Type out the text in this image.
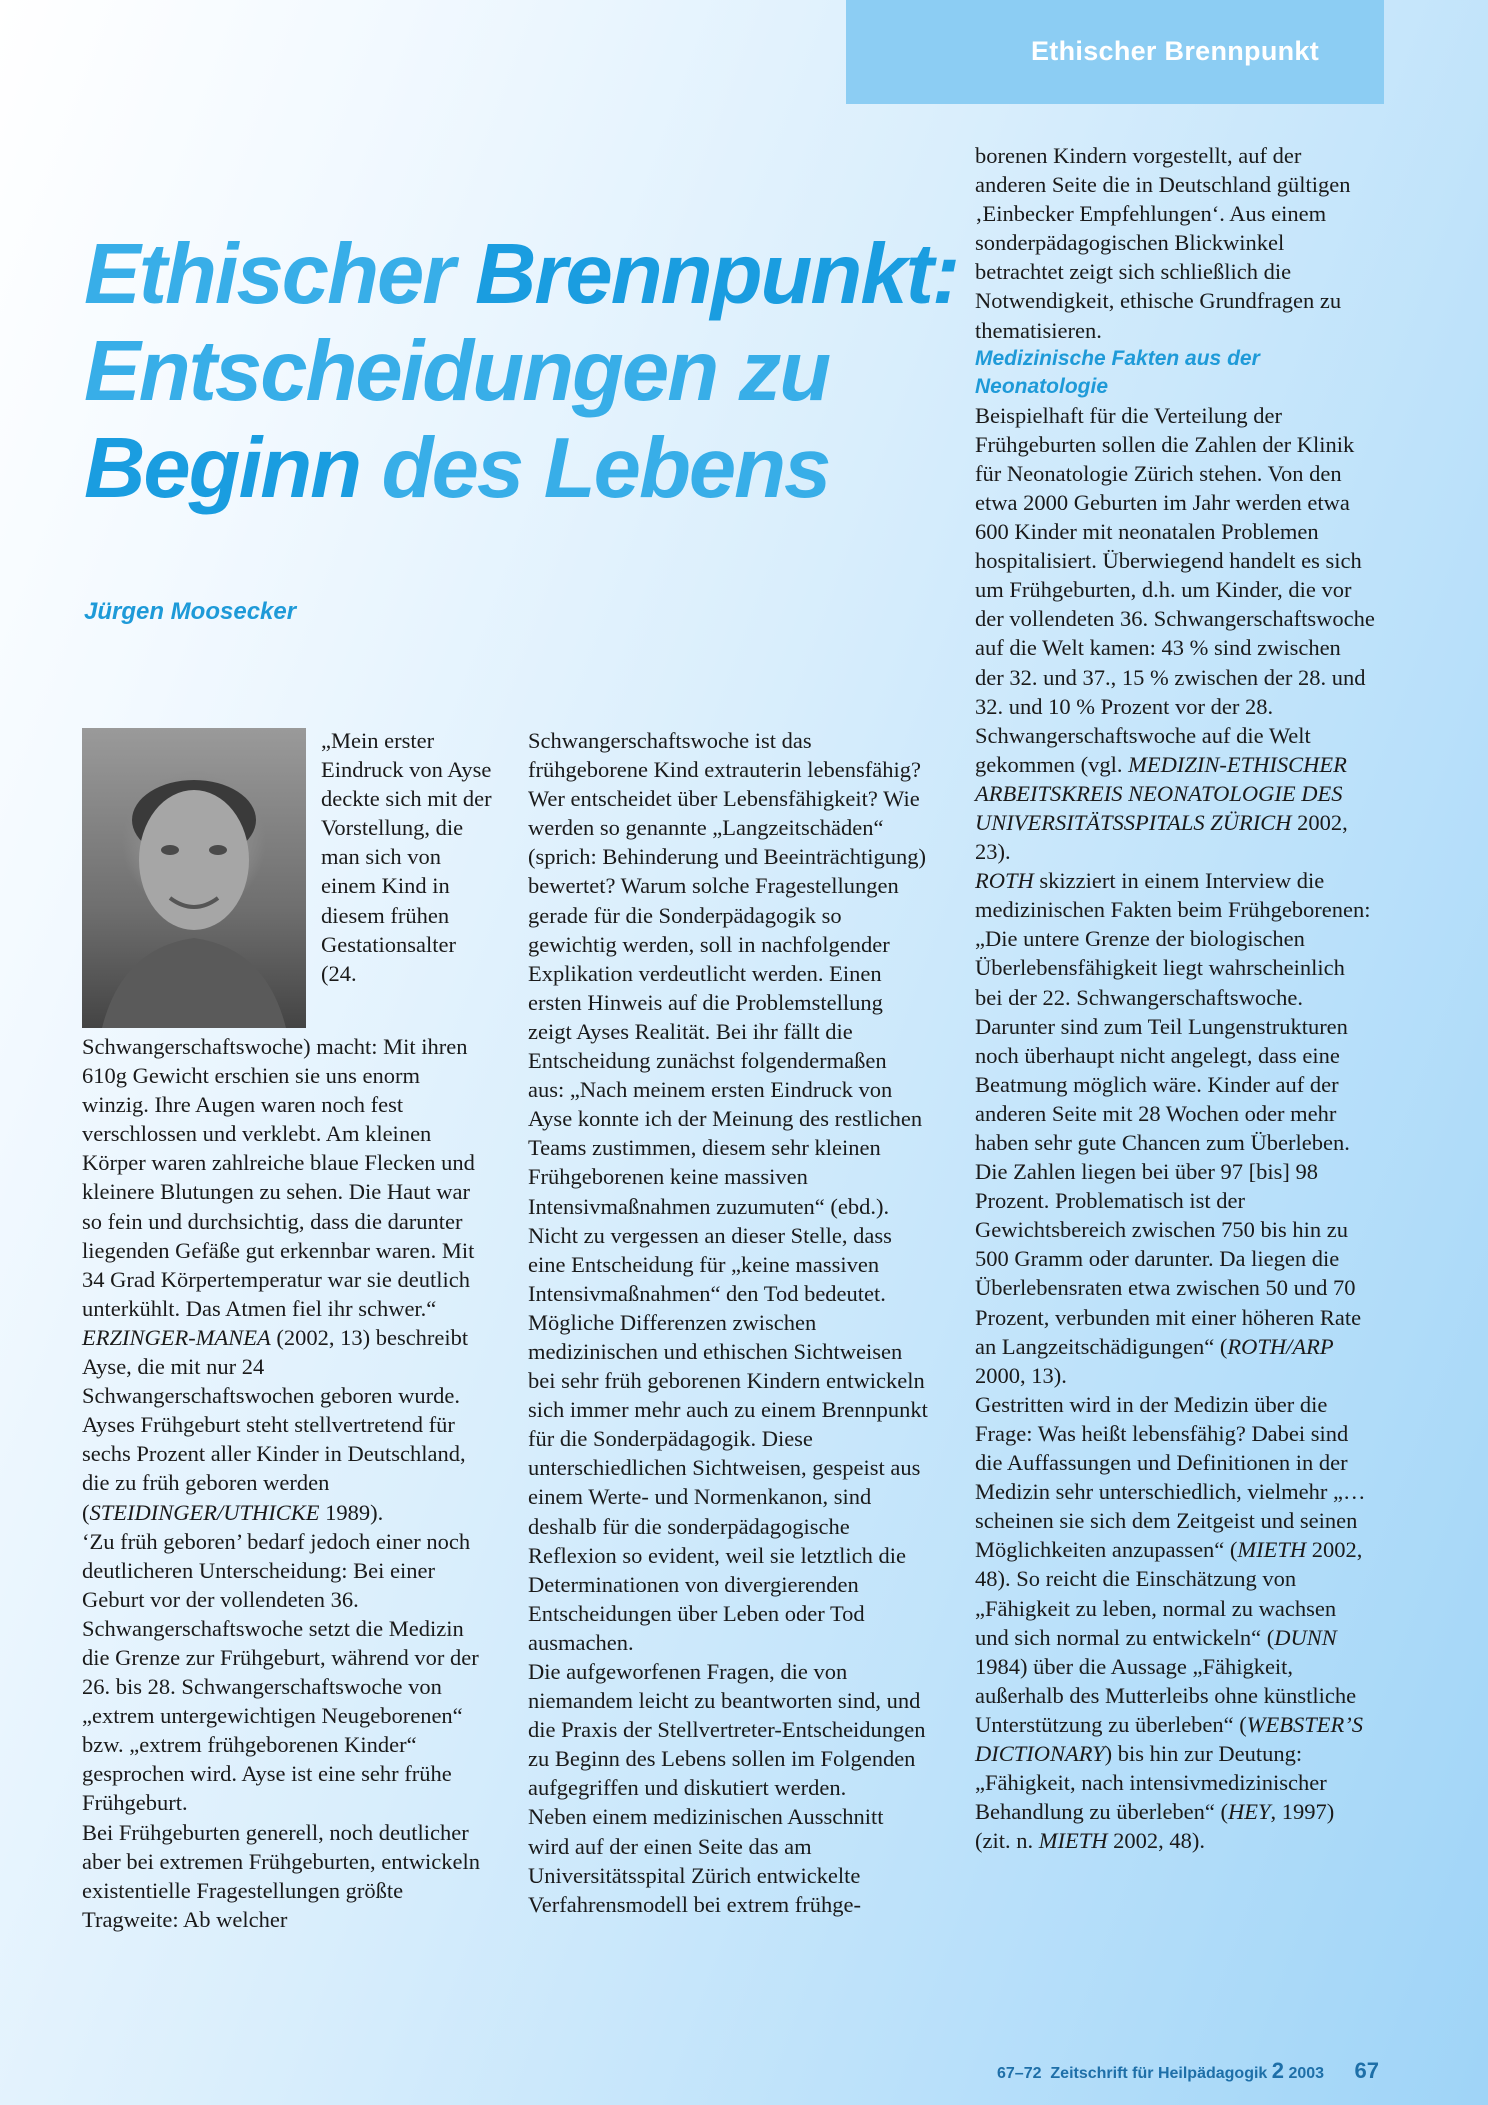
Ethischer Brennpunkt
Ethischer Brennpunkt:
Entscheidungen zu
Beginn des Lebens

Jürgen Moosecker

„Mein erster Eindruck von Ayse deckte sich mit der Vorstellung, die man sich von einem Kind in diesem frühen Gestationsalter (24. Schwangerschaftswoche) macht: Mit ihren 610g Gewicht erschien sie uns enorm winzig. Ihre Augen waren noch fest verschlossen und verklebt. Am kleinen Körper waren zahlreiche blaue Flecken und kleinere Blutungen zu sehen. Die Haut war so fein und durchsichtig, dass die darunter liegenden Gefäße gut erkennbar waren. Mit 34 Grad Körpertemperatur war sie deutlich unterkühlt. Das Atmen fiel ihr schwer.“ ERZINGER-MANEA (2002, 13) beschreibt Ayse, die mit nur 24 Schwangerschaftswochen geboren wurde.

Ayses Frühgeburt steht stellvertretend für sechs Prozent aller Kinder in Deutschland, die zu früh geboren werden (STEIDINGER/UTHICKE 1989).

‘Zu früh geboren’ bedarf jedoch einer noch deutlicheren Unterscheidung: Bei einer Geburt vor der vollendeten 36. Schwangerschaftswoche setzt die Medizin die Grenze zur Frühgeburt, während vor der 26. bis 28. Schwangerschaftswoche von „extrem untergewichtigen Neugeborenen“ bzw. „extrem frühgeborenen Kinder“ gesprochen wird. Ayse ist eine sehr frühe Frühgeburt.

Bei Frühgeburten generell, noch deutlicher aber bei extremen Frühgeburten, entwickeln existentielle Fragestellungen größte Tragweite: Ab welcher

Schwangerschaftswoche ist das frühgeborene Kind extrauterin lebensfähig? Wer entscheidet über Lebensfähigkeit? Wie werden so genannte „Langzeitschäden“ (sprich: Behinderung und Beeinträchtigung) bewertet? Warum solche Fragestellungen gerade für die Sonderpädagogik so gewichtig werden, soll in nachfolgender Explikation verdeutlicht werden. Einen ersten Hinweis auf die Problemstellung zeigt Ayses Realität. Bei ihr fällt die Entscheidung zunächst folgendermaßen aus: „Nach meinem ersten Eindruck von Ayse konnte ich der Meinung des restlichen Teams zustimmen, diesem sehr kleinen Frühgeborenen keine massiven Intensivmaßnahmen zuzumuten“ (ebd.). Nicht zu vergessen an dieser Stelle, dass eine Entscheidung für „keine massiven Intensivmaßnahmen“ den Tod bedeutet.

Mögliche Differenzen zwischen medizinischen und ethischen Sichtweisen bei sehr früh geborenen Kindern entwickeln sich immer mehr auch zu einem Brennpunkt für die Sonderpädagogik. Diese unterschiedlichen Sichtweisen, gespeist aus einem Werte- und Normenkanon, sind deshalb für die sonderpädagogische Reflexion so evident, weil sie letztlich die Determinationen von divergierenden Entscheidungen über Leben oder Tod ausmachen.

Die aufgeworfenen Fragen, die von niemandem leicht zu beantworten sind, und die Praxis der Stellvertreter-Entscheidungen zu Beginn des Lebens sollen im Folgenden aufgegriffen und diskutiert werden.

Neben einem medizinischen Ausschnitt wird auf der einen Seite das am Universitätsspital Zürich entwickelte Verfahrensmodell bei extrem frühge-

borenen Kindern vorgestellt, auf der anderen Seite die in Deutschland gültigen ‚Einbecker Empfehlungen‘. Aus einem sonderpädagogischen Blickwinkel betrachtet zeigt sich schließlich die Notwendigkeit, ethische Grundfragen zu thematisieren.

Medizinische Fakten aus der Neonatologie

Beispielhaft für die Verteilung der Frühgeburten sollen die Zahlen der Klinik für Neonatologie Zürich stehen. Von den etwa 2000 Geburten im Jahr werden etwa 600 Kinder mit neonatalen Problemen hospitalisiert. Überwiegend handelt es sich um Frühgeburten, d.h. um Kinder, die vor der vollendeten 36. Schwangerschaftswoche auf die Welt kamen: 43 % sind zwischen der 32. und 37., 15 % zwischen der 28. und 32. und 10 % Prozent vor der 28. Schwangerschaftswoche auf die Welt gekommen (vgl. MEDIZIN-ETHISCHER ARBEITSKREIS NEONATOLOGIE DES UNIVERSITÄTSSPITALS ZÜRICH 2002, 23).
ROTH skizziert in einem Interview die medizinischen Fakten beim Frühgeborenen: „Die untere Grenze der biologischen Überlebensfähigkeit liegt wahrscheinlich bei der 22. Schwangerschaftswoche. Darunter sind zum Teil Lungenstrukturen noch überhaupt nicht angelegt, dass eine Beatmung möglich wäre. Kinder auf der anderen Seite mit 28 Wochen oder mehr haben sehr gute Chancen zum Überleben. Die Zahlen liegen bei über 97 [bis] 98 Prozent. Problematisch ist der Gewichtsbereich zwischen 750 bis hin zu 500 Gramm oder darunter. Da liegen die Überlebensraten etwa zwischen 50 und 70 Prozent, verbunden mit einer höheren Rate an Langzeitschädigungen“ (ROTH/ARP 2000, 13).

Gestritten wird in der Medizin über die Frage: Was heißt lebensfähig? Dabei sind die Auffassungen und Definitionen in der Medizin sehr unterschiedlich, vielmehr „…scheinen sie sich dem Zeitgeist und seinen Möglichkeiten anzupassen“ (MIETH 2002, 48). So reicht die Einschätzung von „Fähigkeit zu leben, normal zu wachsen und sich normal zu entwickeln“ (DUNN 1984) über die Aussage „Fähigkeit, außerhalb des Mutterleibs ohne künstliche Unterstützung zu überleben“ (WEBSTER’S DICTIONARY) bis hin zur Deutung: „Fähigkeit, nach intensivmedizinischer Behandlung zu überleben“ (HEY, 1997) (zit. n. MIETH 2002, 48).

67–72 Zeitschrift für Heilpädagogik 2 2003 67
